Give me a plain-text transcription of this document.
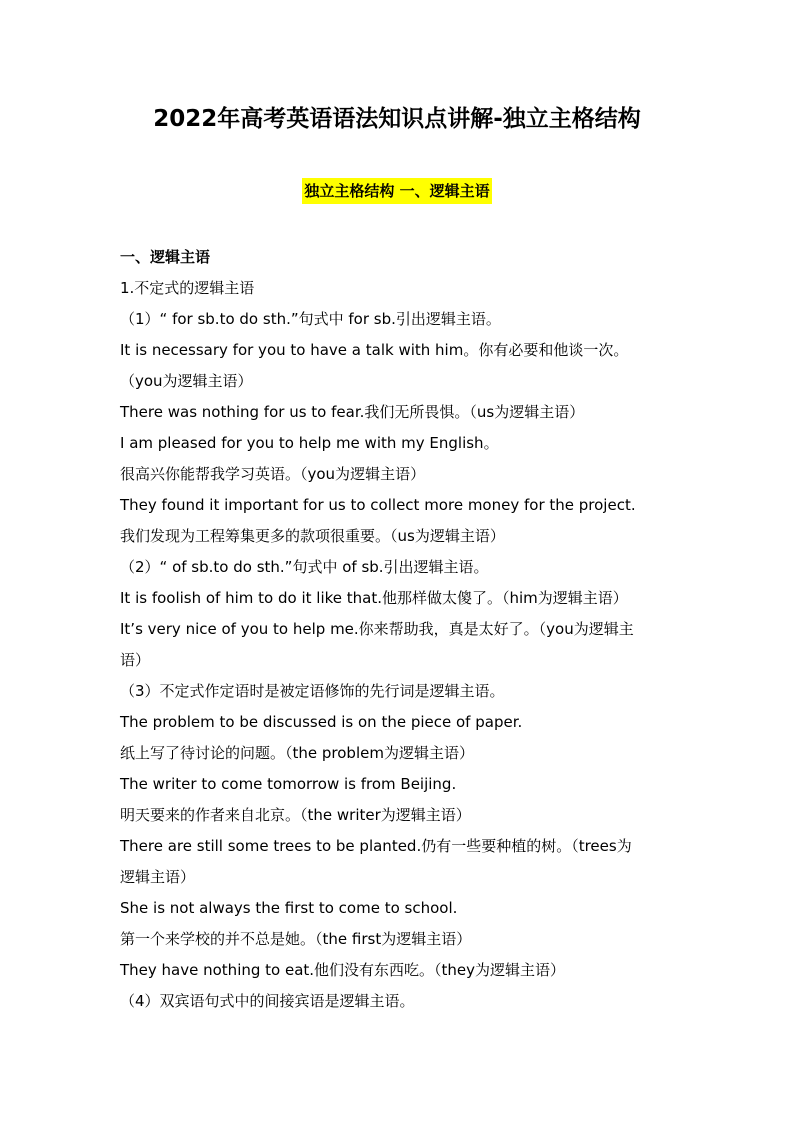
2022年高考英语语法知识点讲解-独立主格结构
独立主格结构 一、逻辑主语
一、逻辑主语
1.不定式的逻辑主语
（1）“ for sb.to do sth.”句式中 for sb.引出逻辑主语。
It is necessary for you to have a talk with him。你有必要和他谈一次。
（you为逻辑主语）
There was nothing for us to fear.我们无所畏惧。（us为逻辑主语）
I am pleased for you to help me with my English。
很高兴你能帮我学习英语。（you为逻辑主语）
They found it important for us to collect more money for the project.
我们发现为工程筹集更多的款项很重要。（us为逻辑主语）
（2）“ of sb.to do sth.”句式中 of sb.引出逻辑主语。
It is foolish of him to do it like that.他那样做太傻了。（him为逻辑主语）
It’s very nice of you to help me.你来帮助我，真是太好了。（you为逻辑主
语）
（3）不定式作定语时是被定语修饰的先行词是逻辑主语。
The problem to be discussed is on the piece of paper.
纸上写了待讨论的问题。（the problem为逻辑主语）
The writer to come tomorrow is from Beijing.
明天要来的作者来自北京。（the writer为逻辑主语）
There are still some trees to be planted.仍有一些要种植的树。（trees为
逻辑主语）
She is not always the first to come to school.
第一个来学校的并不总是她。（the first为逻辑主语）
They have nothing to eat.他们没有东西吃。（they为逻辑主语）
（4）双宾语句式中的间接宾语是逻辑主语。
